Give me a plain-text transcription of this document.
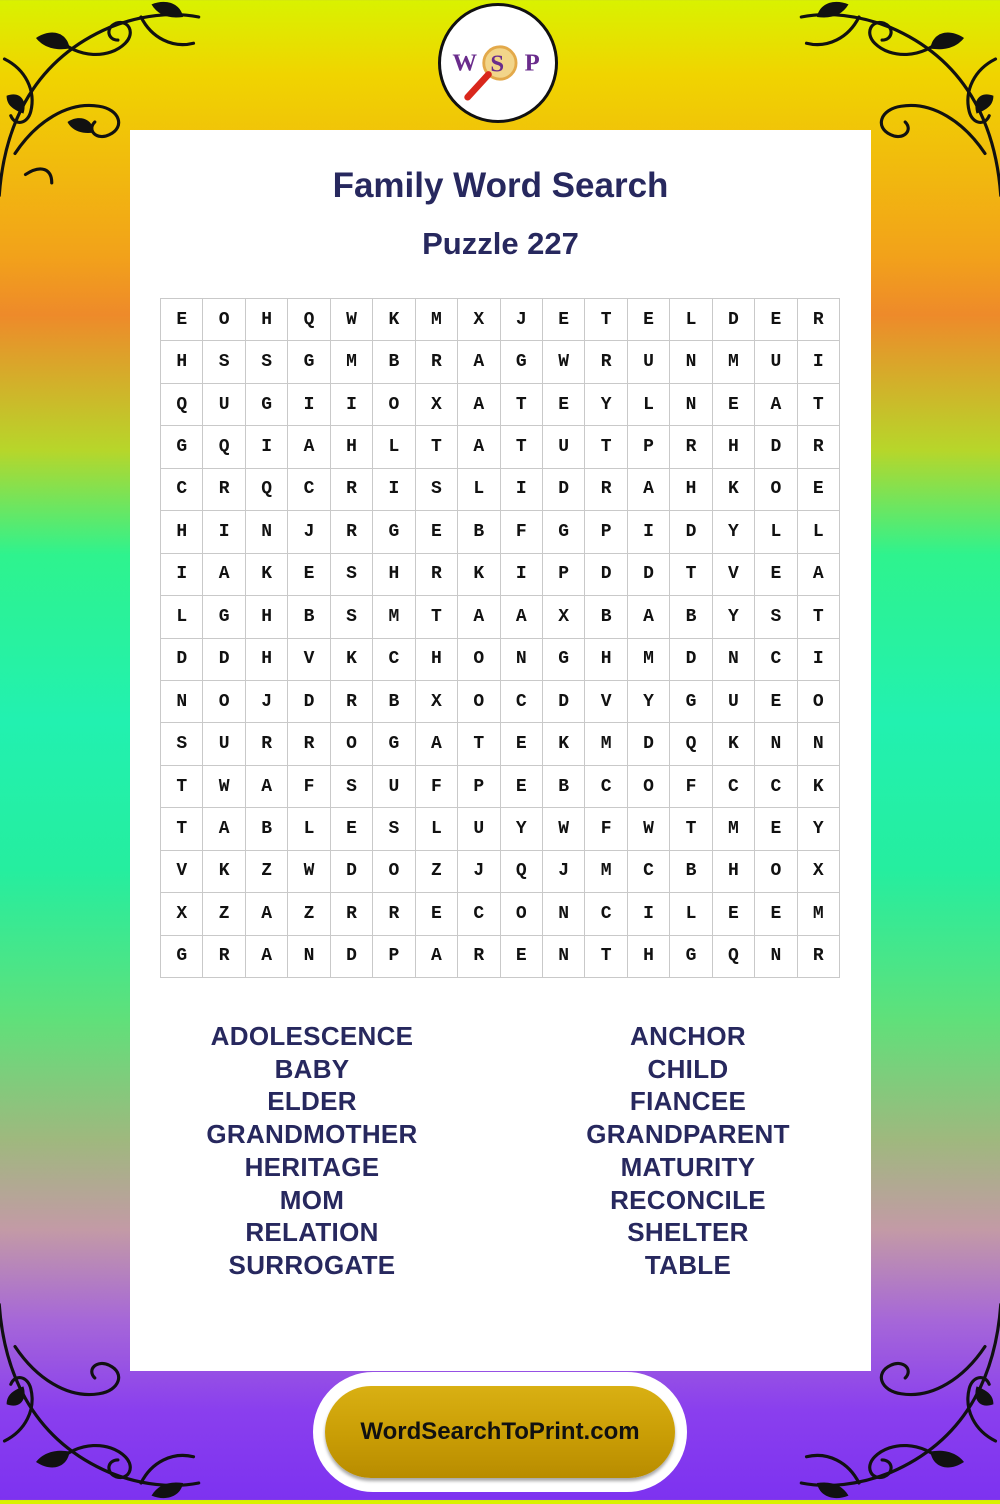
W S P
Family Word Search
Puzzle 227
E	O	H	Q	W	K	M	X	J	E	T	E	L	D	E	R
H	S	S	G	M	B	R	A	G	W	R	U	N	M	U	I
Q	U	G	I	I	O	X	A	T	E	Y	L	N	E	A	T
G	Q	I	A	H	L	T	A	T	U	T	P	R	H	D	R
C	R	Q	C	R	I	S	L	I	D	R	A	H	K	O	E
H	I	N	J	R	G	E	B	F	G	P	I	D	Y	L	L
I	A	K	E	S	H	R	K	I	P	D	D	T	V	E	A
L	G	H	B	S	M	T	A	A	X	B	A	B	Y	S	T
D	D	H	V	K	C	H	O	N	G	H	M	D	N	C	I
N	O	J	D	R	B	X	O	C	D	V	Y	G	U	E	O
S	U	R	R	O	G	A	T	E	K	M	D	Q	K	N	N
T	W	A	F	S	U	F	P	E	B	C	O	F	C	C	K
T	A	B	L	E	S	L	U	Y	W	F	W	T	M	E	Y
V	K	Z	W	D	O	Z	J	Q	J	M	C	B	H	O	X
X	Z	A	Z	R	R	E	C	O	N	C	I	L	E	E	M
G	R	A	N	D	P	A	R	E	N	T	H	G	Q	N	R
ADOLESCENCE
BABY
ELDER
GRANDMOTHER
HERITAGE
MOM
RELATION
SURROGATE
ANCHOR
CHILD
FIANCEE
GRANDPARENT
MATURITY
RECONCILE
SHELTER
TABLE
WordSearchToPrint.com
